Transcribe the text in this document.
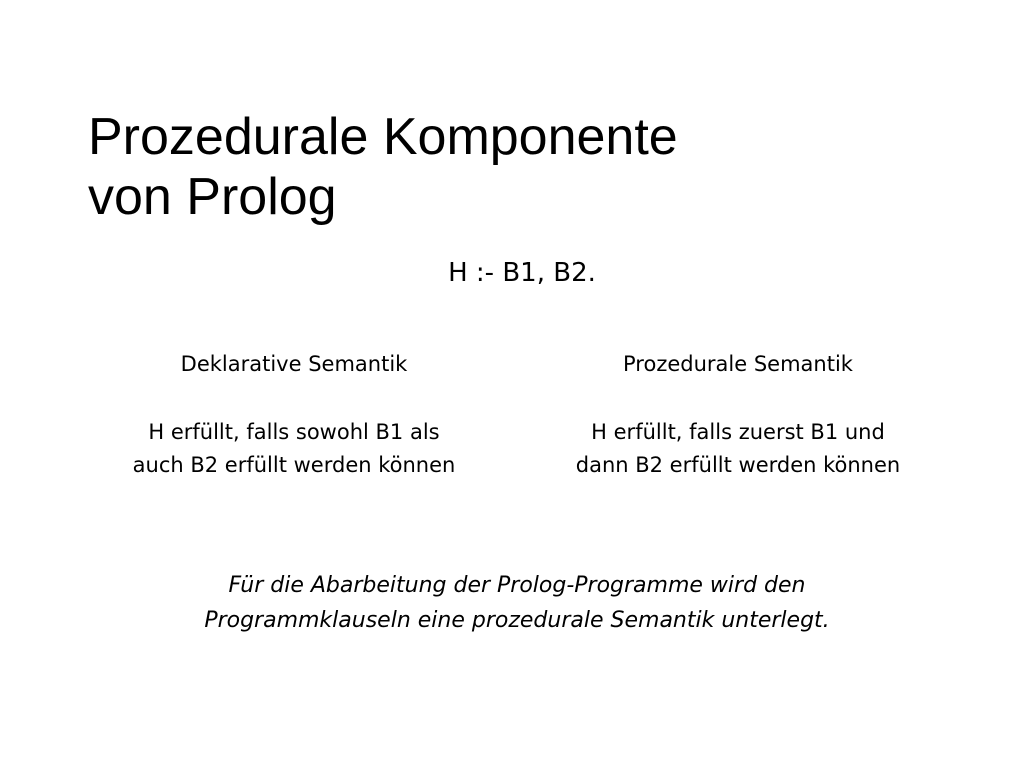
Prozedurale Komponente
von Prolog
H :- B1, B2.
Deklarative Semantik
H erfüllt, falls sowohl B1 als
auch B2 erfüllt werden können
Prozedurale Semantik
H erfüllt, falls zuerst B1 und
dann B2 erfüllt werden können
Für die Abarbeitung der Prolog-Programme wird den
Programmklauseln eine prozedurale Semantik unterlegt.
